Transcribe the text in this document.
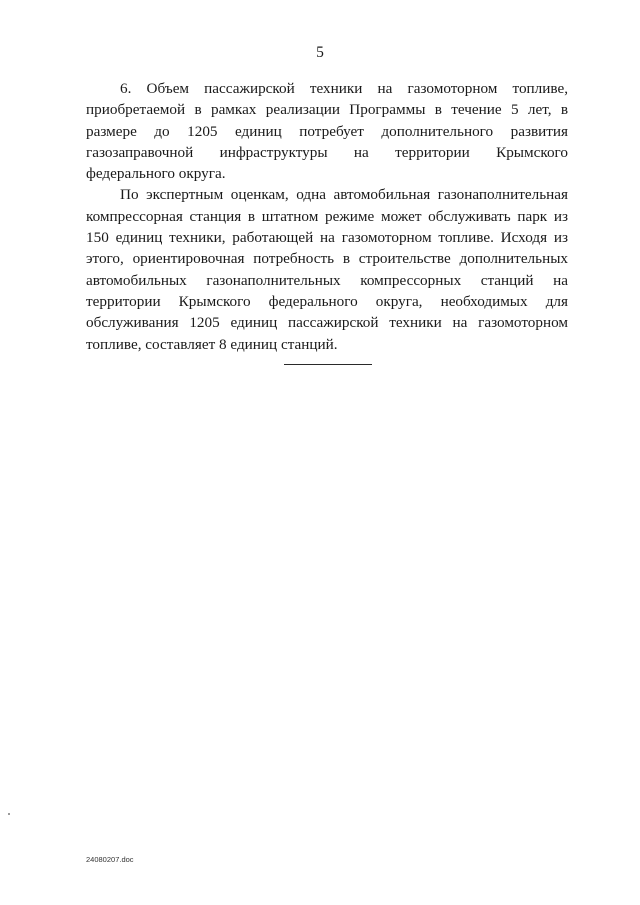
5

6. Объем пассажирской техники на газомоторном топливе, приобретаемой в рамках реализации Программы в течение 5 лет, в размере до 1205 единиц потребует дополнительного развития газозаправочной инфраструктуры на территории Крымского федерального округа.

По экспертным оценкам, одна автомобильная газонаполнительная компрессорная станция в штатном режиме может обслуживать парк из 150 единиц техники, работающей на газомоторном топливе. Исходя из этого, ориентировочная потребность в строительстве дополнительных автомобильных газонаполнительных компрессорных станций на территории Крымского федерального округа, необходимых для обслуживания 1205 единиц пассажирской техники на газомоторном топливе, составляет 8 единиц станций.

24080207.doc
